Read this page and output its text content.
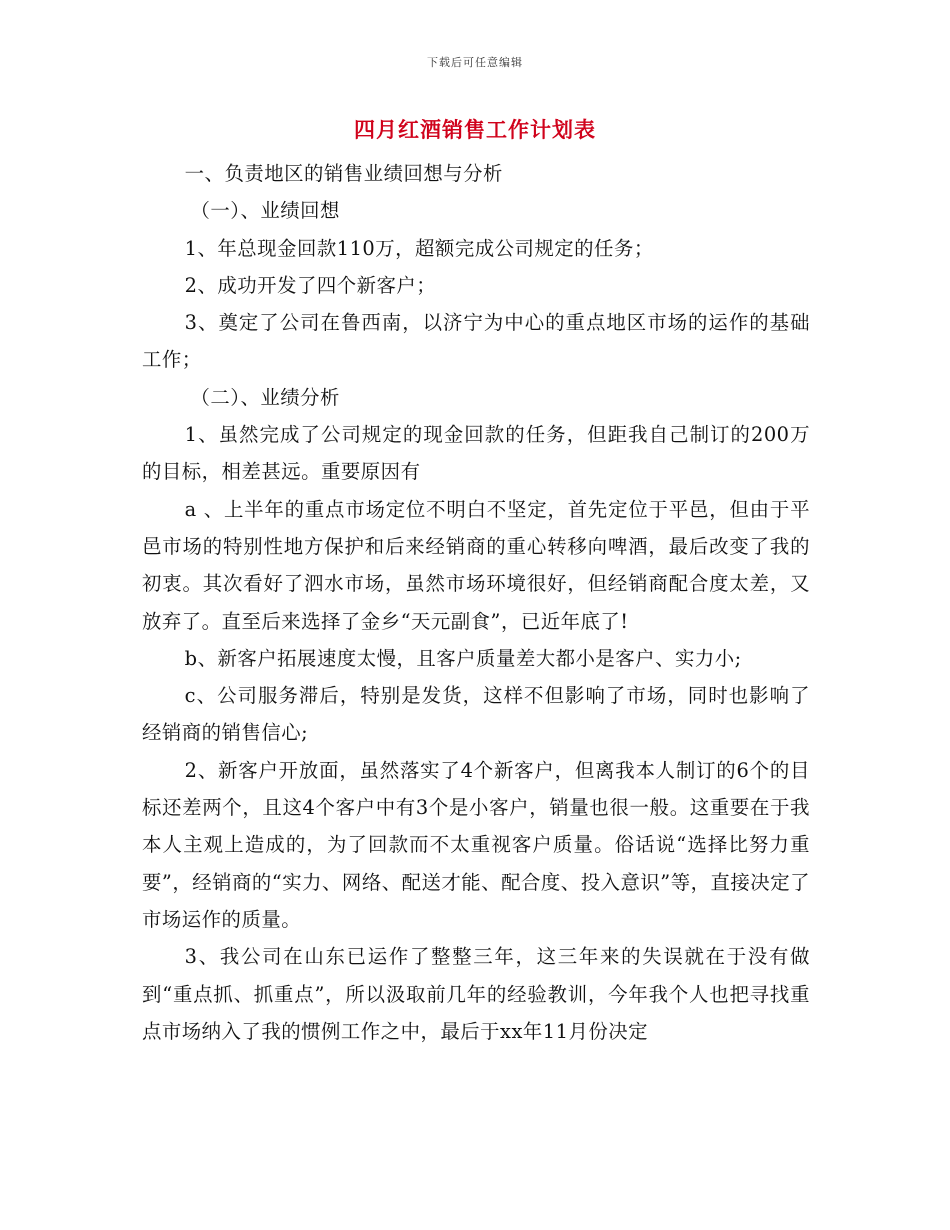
下载后可任意编辑
四月红酒销售工作计划表

一、负责地区的销售业绩回想与分析

（一）、业绩回想

1、年总现金回款110万，超额完成公司规定的任务；

2、成功开发了四个新客户；

3、奠定了公司在鲁西南，以济宁为中心的重点地区市场的运作的基础工作；

（二）、业绩分析

1、虽然完成了公司规定的现金回款的任务，但距我自己制订的200万的目标，相差甚远。重要原因有

a 、上半年的重点市场定位不明白不坚定，首先定位于平邑，但由于平邑市场的特别性地方保护和后来经销商的重心转移向啤酒，最后改变了我的初衷。其次看好了泗水市场，虽然市场环境很好，但经销商配合度太差，又放弃了。直至后来选择了金乡“天元副食”，已近年底了!

b、新客户拓展速度太慢，且客户质量差大都小是客户、实力小;

c、公司服务滞后，特别是发货，这样不但影响了市场，同时也影响了经销商的销售信心;

2、新客户开放面，虽然落实了4个新客户，但离我本人制订的6个的目标还差两个，且这4个客户中有3个是小客户，销量也很一般。这重要在于我本人主观上造成的，为了回款而不太重视客户质量。俗话说“选择比努力重要”，经销商的“实力、网络、配送才能、配合度、投入意识”等，直接决定了市场运作的质量。

3、我公司在山东已运作了整整三年，这三年来的失误就在于没有做到“重点抓、抓重点”，所以汲取前几年的经验教训，今年我个人也把寻找重点市场纳入了我的惯例工作之中，最后于xx年11月份决定
